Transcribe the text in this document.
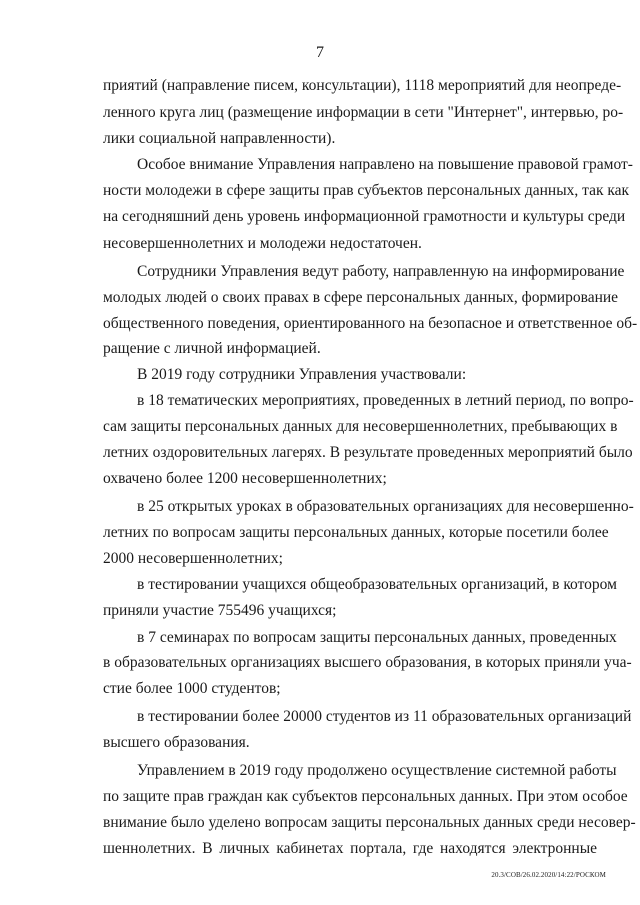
7
приятий (направление писем, консультации), 1118 мероприятий для неопреде-
ленного круга лиц (размещение информации в сети "Интернет", интервью, ро-
лики социальной направленности).
Особое внимание Управления направлено на повышение правовой грамот-
ности молодежи в сфере защиты прав субъектов персональных данных, так как
на сегодняшний день уровень информационной грамотности и культуры среди
несовершеннолетних и молодежи недостаточен.
Сотрудники Управления ведут работу, направленную на информирование
молодых людей о своих правах в сфере персональных данных, формирование
общественного поведения, ориентированного на безопасное и ответственное об-
ращение с личной информацией.
В 2019 году сотрудники Управления участвовали:
в 18 тематических мероприятиях, проведенных в летний период, по вопро-
сам защиты персональных данных для несовершеннолетних, пребывающих в
летних оздоровительных лагерях. В результате проведенных мероприятий было
охвачено более 1200 несовершеннолетних;
в 25 открытых уроках в образовательных организациях для несовершенно-
летних по вопросам защиты персональных данных, которые посетили более
2000 несовершеннолетних;
в тестировании учащихся общеобразовательных организаций, в котором
приняли участие 755496 учащихся;
в 7 семинарах по вопросам защиты персональных данных, проведенных
в образовательных организациях высшего образования, в которых приняли уча-
стие более 1000 студентов;
в тестировании более 20000 студентов из 11 образовательных организаций
высшего образования.
Управлением в 2019 году продолжено осуществление системной работы
по защите прав граждан как субъектов персональных данных. При этом особое
внимание было уделено вопросам защиты персональных данных среди несовер-
шеннолетних. В личных кабинетах портала, где находятся электронные
20.3/СОВ/26.02.2020/14:22/РОСКОМ
